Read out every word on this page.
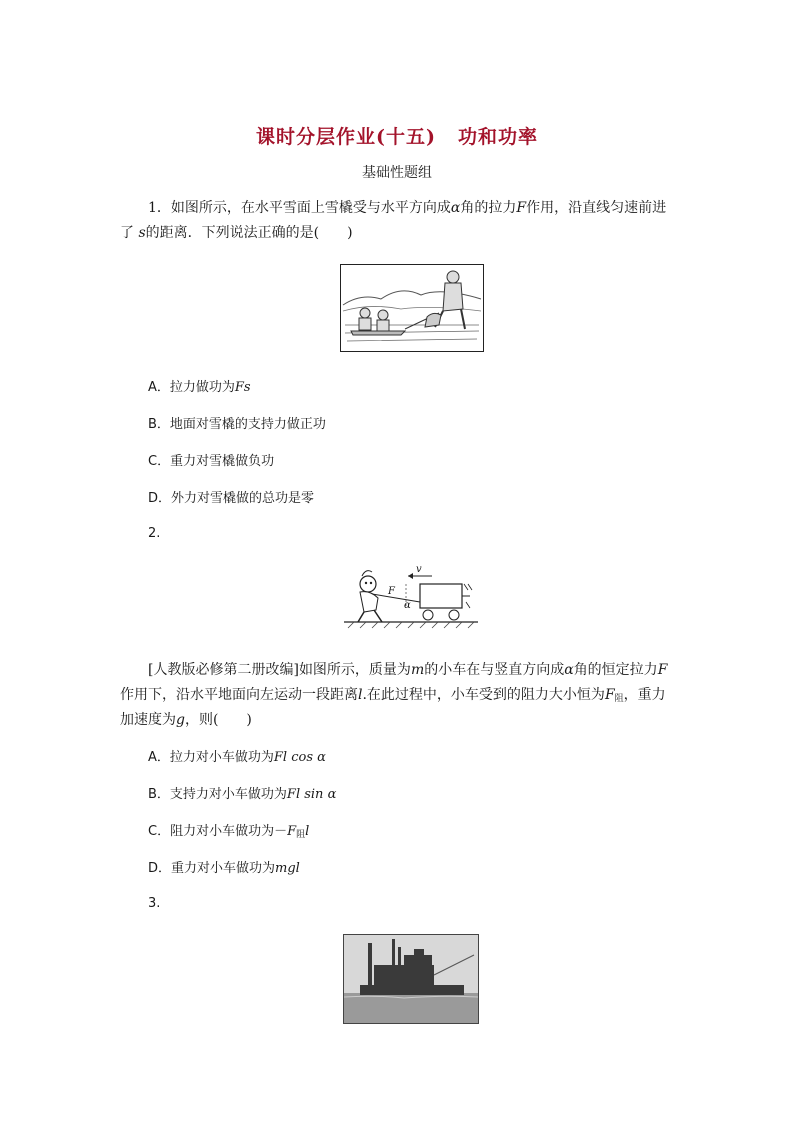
课时分层作业(十五) 功和功率
基础性题组
1．如图所示，在水平雪面上雪橇受与水平方向成α角的拉力F作用，沿直线匀速前进
了 s的距离．下列说法正确的是(　　)
A．拉力做功为Fs
B．地面对雪橇的支持力做正功
C．重力对雪橇做负功
D．外力对雪橇做的总功是零
2.
v
F
α
[人教版必修第二册改编]如图所示，质量为m的小车在与竖直方向成α角的恒定拉力F
作用下，沿水平地面向左运动一段距离l.在此过程中，小车受到的阻力大小恒为$F_阻$，重力
加速度为g，则(　　)
A．拉力对小车做功为Fl cos α
B．支持力对小车做功为Fl sin α
C．阻力对小车做功为$-F_阻l$
D．重力对小车做功为mgl
3.
